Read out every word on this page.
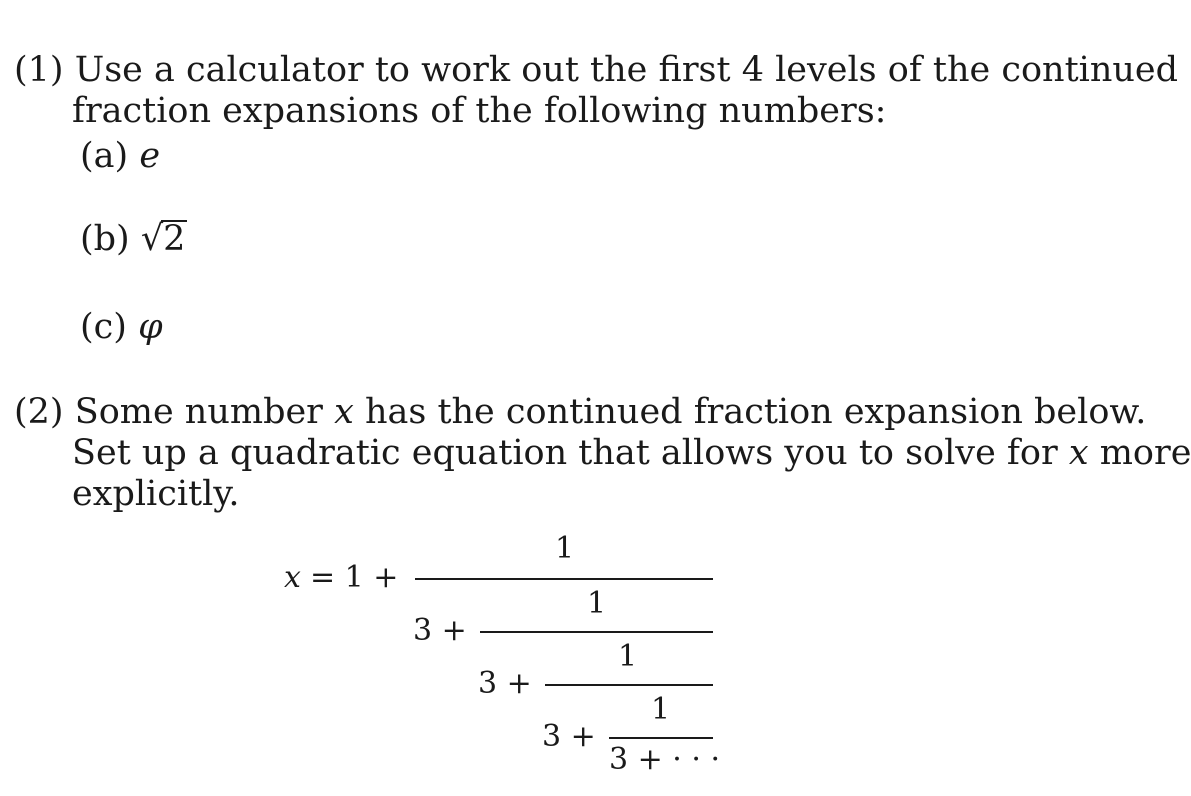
(1) Use a calculator to work out the first 4 levels of the continued
fraction expansions of the following numbers:
(a) e
(b) √2
(c) φ
(2) Some number x has the continued fraction expansion below.
Set up a quadratic equation that allows you to solve for x more
explicitly.
x = 1 +
1
3 +
1
3 +
1
3 +
1
3 + · · ·
